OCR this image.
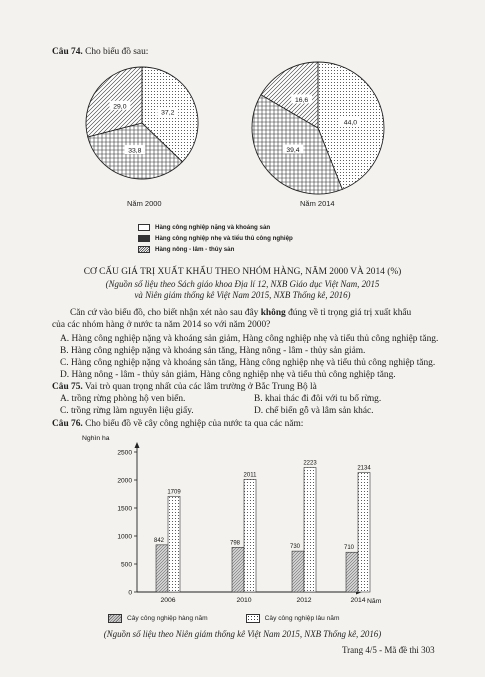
Câu 74. Cho biểu đồ sau:
37,2
33,8
29,0
44,0
39,4
16,6
Năm 2000	Năm 2014
Hàng công nghiệp nặng và khoáng sản
Hàng công nghiệp nhẹ và tiểu thủ công nghiệp
Hàng nông - lâm - thủy sản
CƠ CẤU GIÁ TRỊ XUẤT KHẨU THEO NHÓM HÀNG, NĂM 2000 VÀ 2014 (%)
(Nguồn số liệu theo Sách giáo khoa Địa lí 12, NXB Giáo dục Việt Nam, 2015
và Niên giám thống kê Việt Nam 2015, NXB Thống kê, 2016)
Căn cứ vào biểu đồ, cho biết nhận xét nào sau đây không đúng về tỉ trọng giá trị xuất khẩu
của các nhóm hàng ở nước ta năm 2014 so với năm 2000?
A. Hàng công nghiệp nặng và khoáng sản giảm, Hàng công nghiệp nhẹ và tiểu thủ công nghiệp tăng.
B. Hàng công nghiệp nặng và khoáng sản tăng, Hàng nông - lâm - thủy sản giảm.
C. Hàng công nghiệp nặng và khoáng sản tăng, Hàng công nghiệp nhẹ và tiểu thủ công nghiệp tăng.
D. Hàng nông - lâm - thủy sản giảm, Hàng công nghiệp nhẹ và tiểu thủ công nghiệp tăng.
Câu 75. Vai trò quan trọng nhất của các lâm trường ở Bắc Trung Bộ là
A. trồng rừng phòng hộ ven biển.	B. khai thác đi đôi với tu bổ rừng.
C. trồng rừng làm nguyên liệu giấy.	D. chế biến gỗ và lâm sản khác.
Câu 76. Cho biểu đồ về cây công nghiệp của nước ta qua các năm:
Nghìn ha
0
500
1000
1500
2000
2500
842
1709
2006
798
2011
2010
730
2223
2012
710
2134
2014 Năm
Cây công nghiệp hàng năm	Cây công nghiệp lâu năm
(Nguồn số liệu theo Niên giám thống kê Việt Nam 2015, NXB Thống kê, 2016)
Trang 4/5 - Mã đề thi 303
